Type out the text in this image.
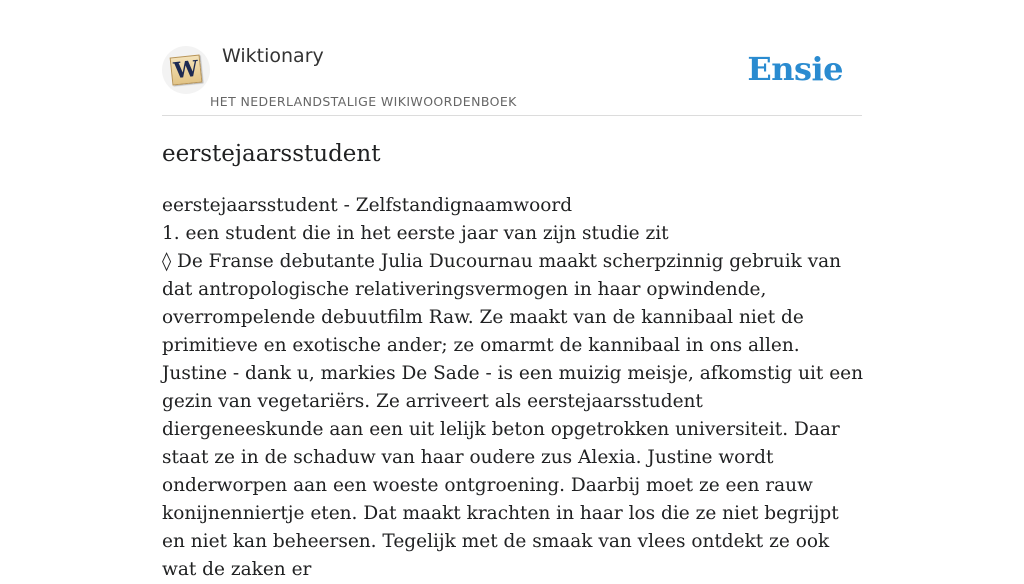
W Wiktionary
HET NEDERLANDSTALIGE WIKIWOORDENBOEK
Ensie
eerstejaarsstudent

eerstejaarsstudent - Zelfstandignaamwoord

1. een student die in het eerste jaar van zijn studie zit

◊ De Franse debutante Julia Ducournau maakt scherpzinnig gebruik van dat antropologische relativeringsvermogen in haar opwindende, overrompelende debuutfilm Raw. Ze maakt van de kannibaal niet de primitieve en exotische ander; ze omarmt de kannibaal in ons allen. Justine - dank u, markies De Sade - is een muizig meisje, afkomstig uit een gezin van vegetariërs. Ze arriveert als eerstejaarsstudent diergeneeskunde aan een uit lelijk beton opgetrokken universiteit. Daar staat ze in de schaduw van haar oudere zus Alexia. Justine wordt onderworpen aan een woeste ontgroening. Daarbij moet ze een rauw konijnenniertje eten. Dat maakt krachten in haar los die ze niet begrijpt en niet kan beheersen. Tegelijk met de smaak van vlees ontdekt ze ook wat de zaken er
